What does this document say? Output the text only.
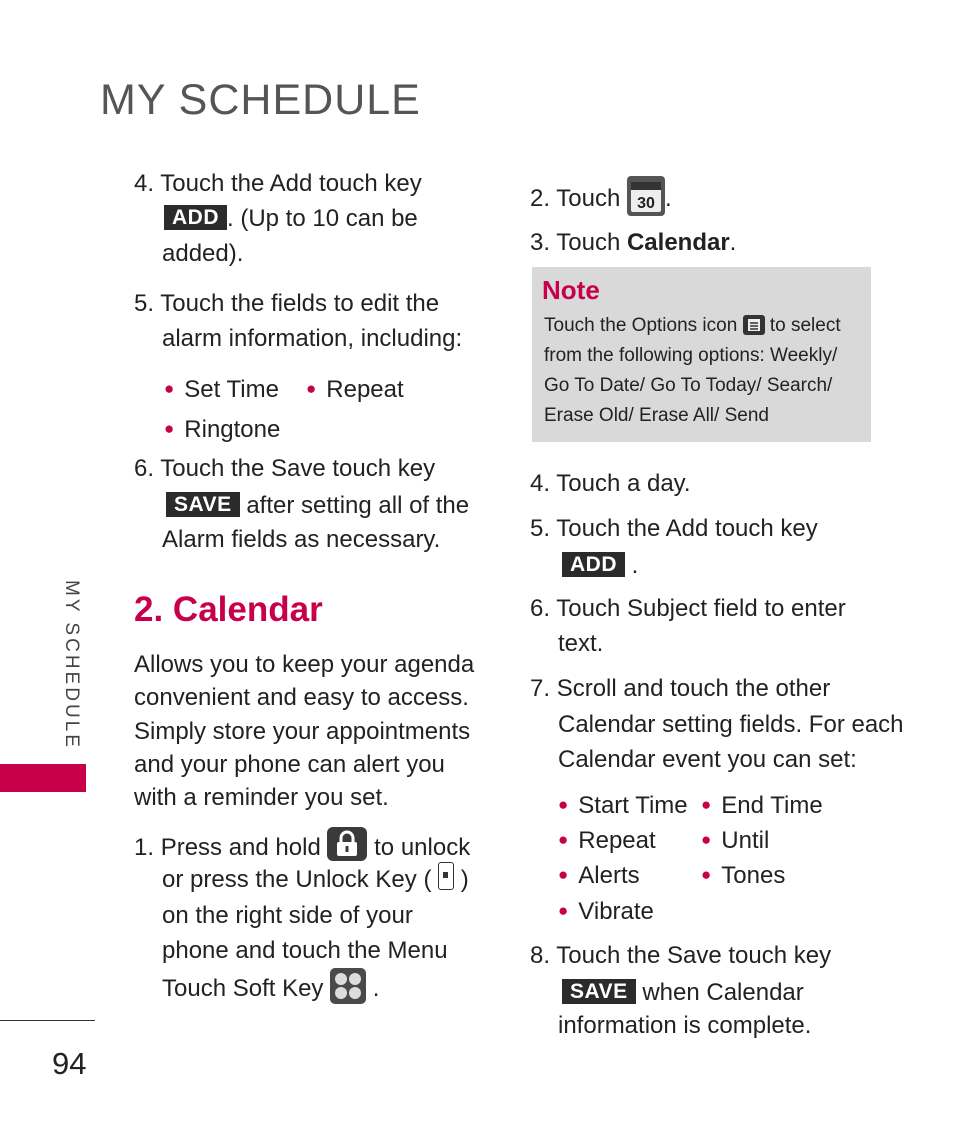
MY SCHEDULE
MY SCHEDULE
94
4. Touch the Add touch key
ADD . (Up to 10 can be
added).
5. Touch the fields to edit the
alarm information, including:
● Set Time ● Repeat
● Ringtone
6. Touch the Save touch key
SAVE after setting all of the
Alarm fields as necessary.
2. Calendar
Allows you to keep your agenda
convenient and easy to access.
Simply store your appointments
and your phone can alert you
with a reminder you set.
1. Press and hold to unlock
or press the Unlock Key ( )
on the right side of your
phone and touch the Menu
Touch Soft Key .
2. Touch 30 .
3. Touch Calendar.
Note
Touch the Options icon to select
from the following options: Weekly/
Go To Date/ Go To Today/ Search/
Erase Old/ Erase All/ Send
4. Touch a day.
5. Touch the Add touch key
ADD .
6. Touch Subject field to enter
text.
7. Scroll and touch the other
Calendar setting fields. For each
Calendar event you can set:
● Start Time ● End Time
● Repeat	● Until
● Alerts	● Tones
● Vibrate
8. Touch the Save touch key
SAVE when Calendar
information is complete.
